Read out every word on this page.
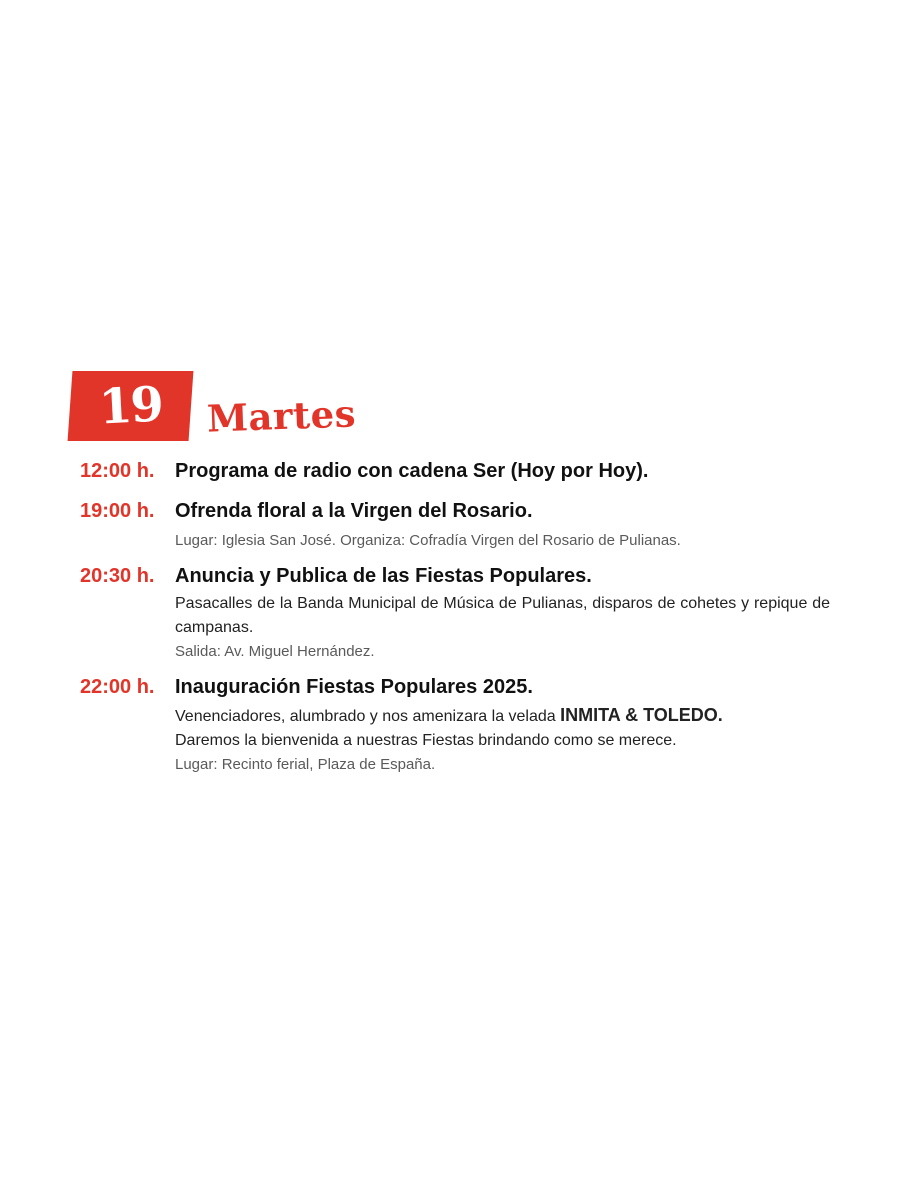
19 Martes
12:00 h.	Programa de radio con cadena Ser (Hoy por Hoy).
19:00 h.	Ofrenda floral a la Virgen del Rosario.
Lugar: Iglesia San José. Organiza: Cofradía Virgen del Rosario de Pulianas.
20:30 h.	Anuncia y Publica de las Fiestas Populares.
Pasacalles de la Banda Municipal de Música de Pulianas, disparos de cohetes y repique de campanas.
Salida: Av. Miguel Hernández.
22:00 h.	Inauguración Fiestas Populares 2025.
Venenciadores, alumbrado y nos amenizara la velada INMITA & TOLEDO.
Daremos la bienvenida a nuestras Fiestas brindando como se merece.
Lugar: Recinto ferial, Plaza de España.
